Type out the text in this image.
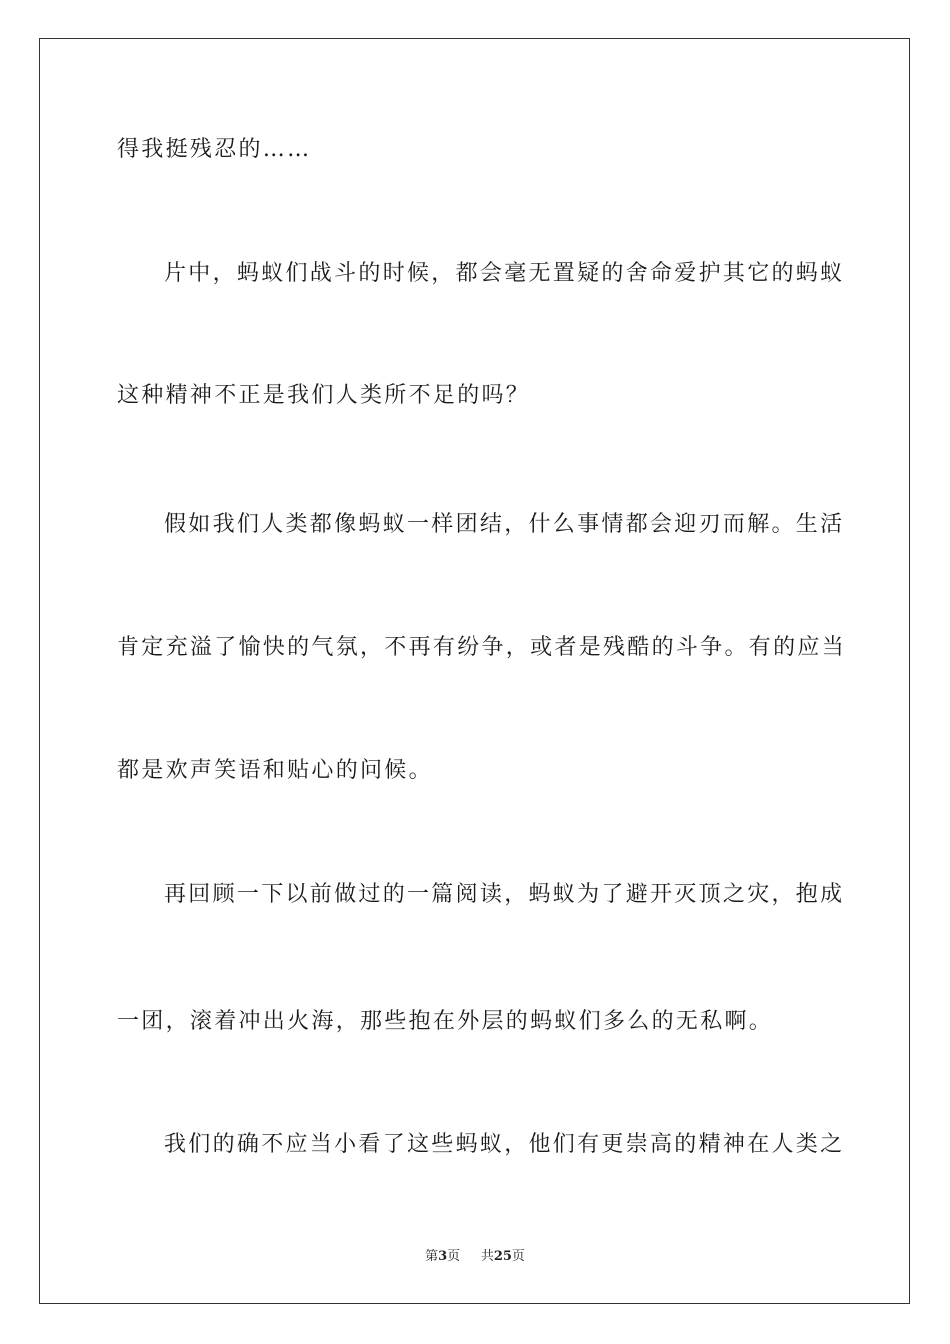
得我挺残忍的……
片中，蚂蚁们战斗的时候，都会毫无置疑的舍命爱护其它的蚂蚁
这种精神不正是我们人类所不足的吗？
假如我们人类都像蚂蚁一样团结，什么事情都会迎刃而解。生活
肯定充溢了愉快的气氛，不再有纷争，或者是残酷的斗争。有的应当
都是欢声笑语和贴心的问候。
再回顾一下以前做过的一篇阅读，蚂蚁为了避开灭顶之灾，抱成
一团，滚着冲出火海，那些抱在外层的蚂蚁们多么的无私啊。
我们的确不应当小看了这些蚂蚁，他们有更崇高的精神在人类之
第3页 共25页
